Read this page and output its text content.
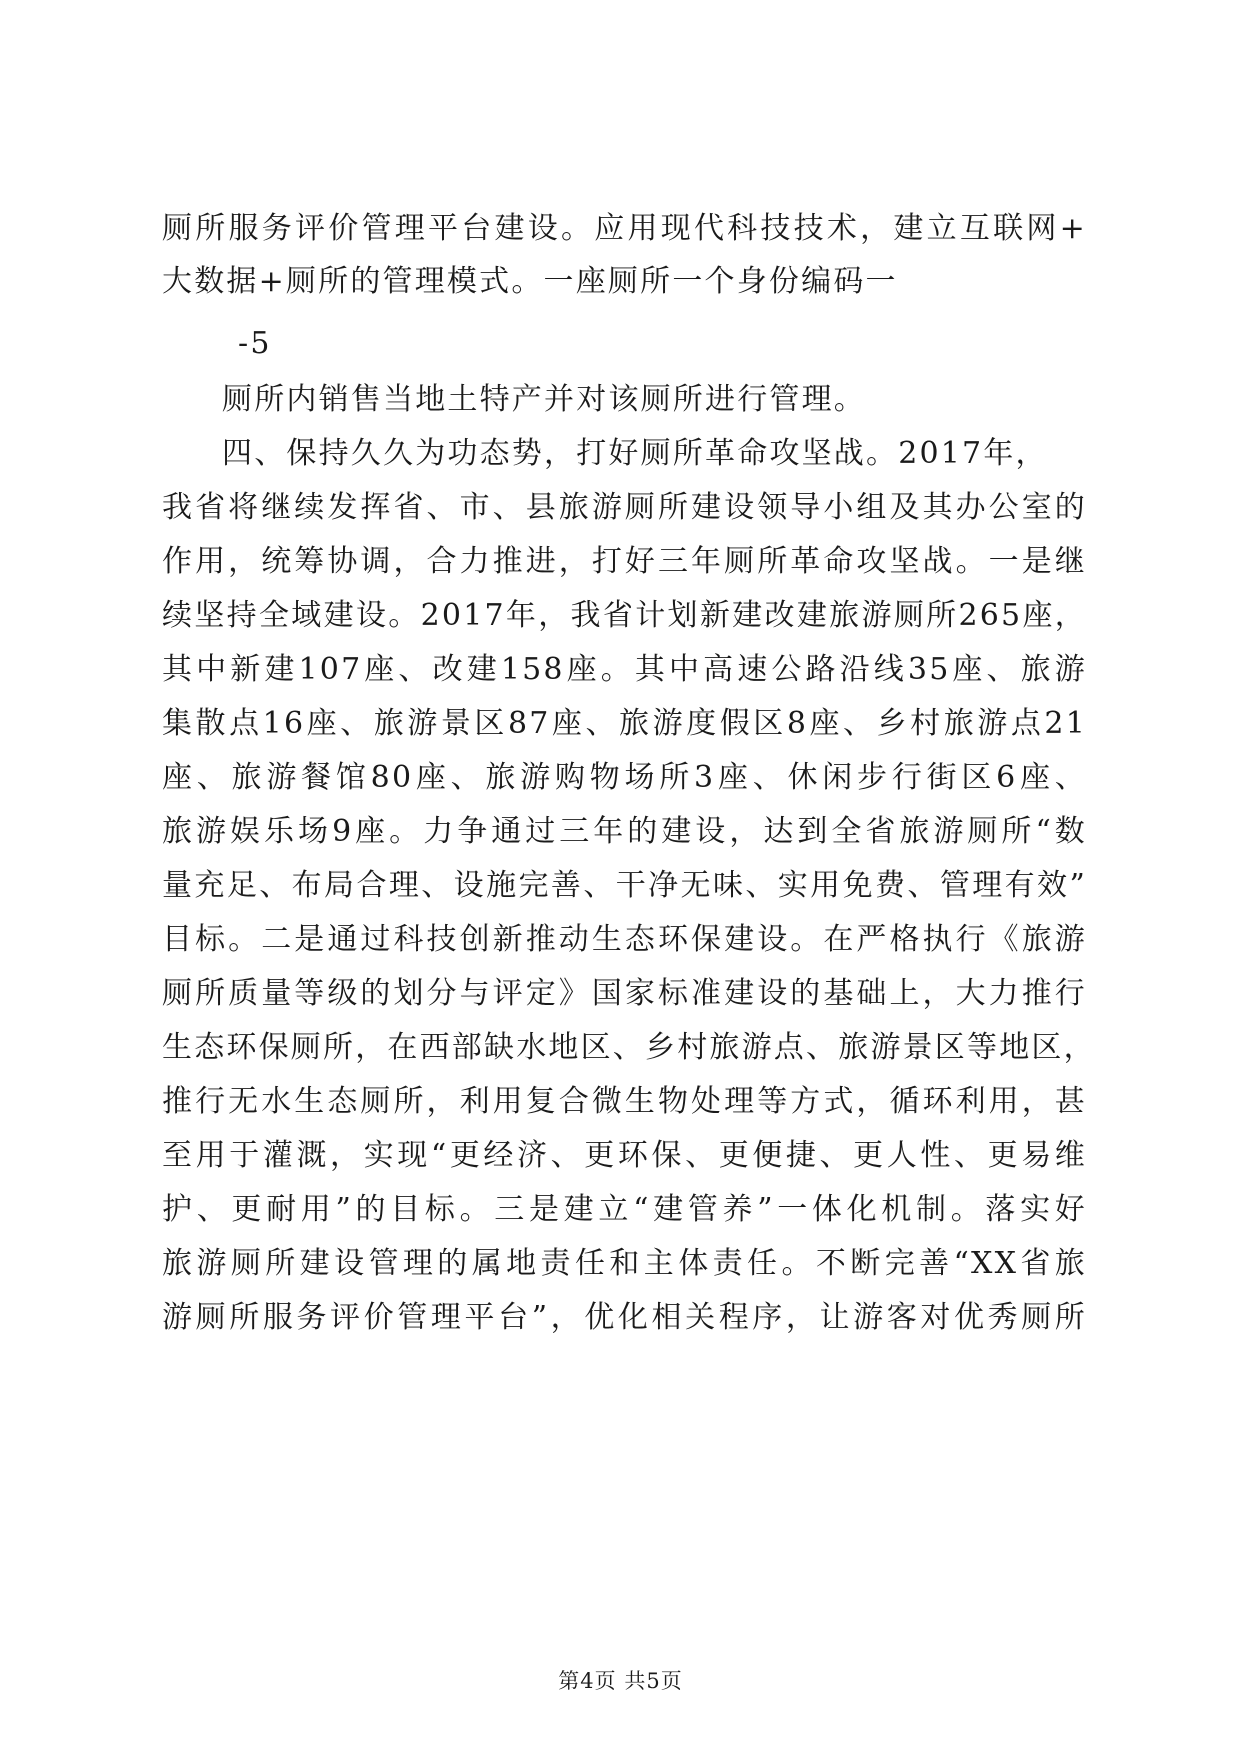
厕所服务评价管理平台建设。应用现代科技技术，建立互联网+
大数据+厕所的管理模式。一座厕所一个身份编码一
-5
厕所内销售当地土特产并对该厕所进行管理。
四、保持久久为功态势，打好厕所革命攻坚战。2017年，
我省将继续发挥省、市、县旅游厕所建设领导小组及其办公室的
作用，统筹协调，合力推进，打好三年厕所革命攻坚战。一是继
续坚持全域建设。2017年，我省计划新建改建旅游厕所265座，
其中新建107座、改建158座。其中高速公路沿线35座、旅游
集散点16座、旅游景区87座、旅游度假区8座、乡村旅游点21
座、旅游餐馆80座、旅游购物场所3座、休闲步行街区6座、
旅游娱乐场9座。力争通过三年的建设，达到全省旅游厕所“数
量充足、布局合理、设施完善、干净无味、实用免费、管理有效”
目标。二是通过科技创新推动生态环保建设。在严格执行《旅游
厕所质量等级的划分与评定》国家标准建设的基础上，大力推行
生态环保厕所，在西部缺水地区、乡村旅游点、旅游景区等地区，
推行无水生态厕所，利用复合微生物处理等方式，循环利用，甚
至用于灌溉，实现“更经济、更环保、更便捷、更人性、更易维
护、更耐用”的目标。三是建立“建管养”一体化机制。落实好
旅游厕所建设管理的属地责任和主体责任。不断完善“XX省旅
游厕所服务评价管理平台”，优化相关程序，让游客对优秀厕所
第4页 共5页
